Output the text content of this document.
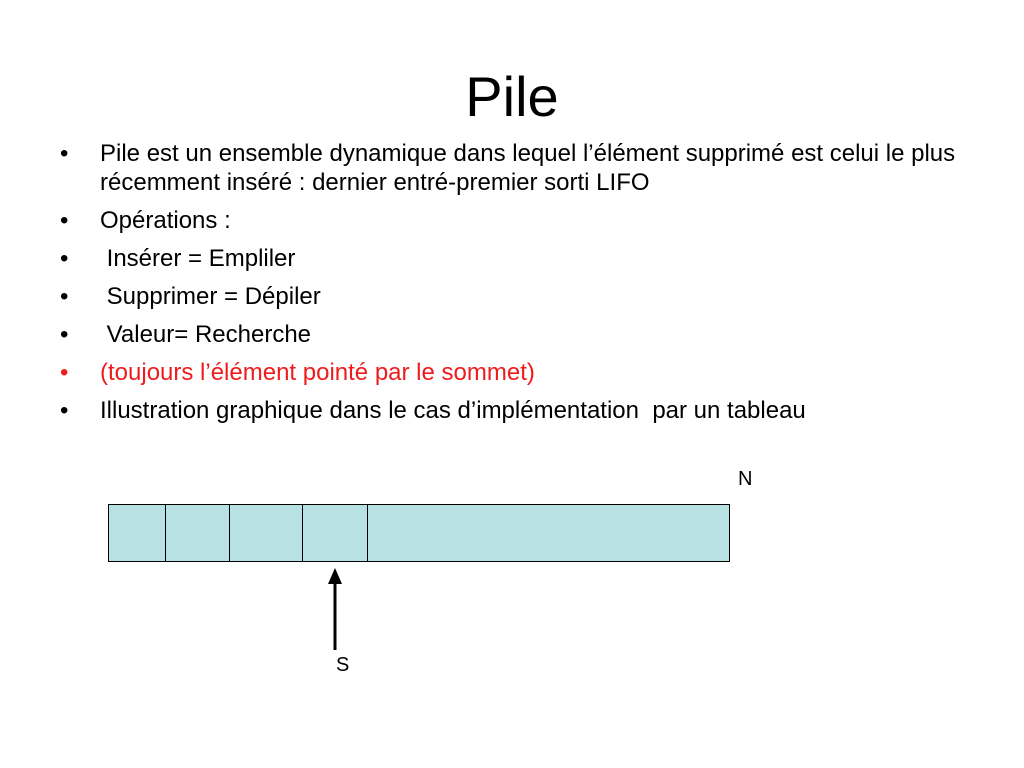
Pile
• Pile est un ensemble dynamique dans lequel l’élément supprimé est celui le plus récemment inséré : dernier entré-premier sorti LIFO
• Opérations :
• Insérer = Empliler
• Supprimer = Dépiler
• Valeur= Recherche
• (toujours l’élément pointé par le sommet)
• Illustration graphique dans le cas d’implémentation  par un tableau
N
S
